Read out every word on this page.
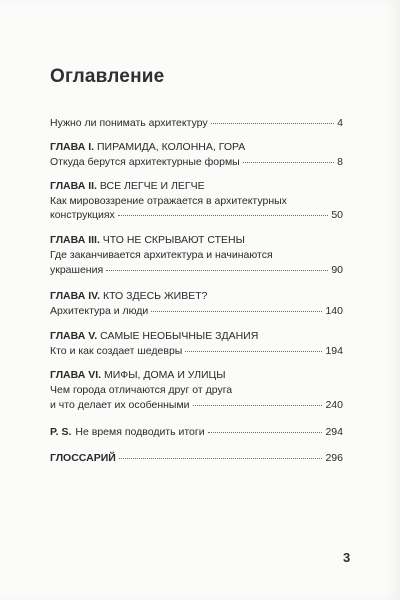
Оглавление
Нужно ли понимать архитектуру	4
ГЛАВА I. ПИРАМИДА, КОЛОННА, ГОРА
Откуда берутся архитектурные формы	8
ГЛАВА II. ВСЕ ЛЕГЧЕ И ЛЕГЧЕ
Как мировоззрение отражается в архитектурных
конструкциях	50
ГЛАВА III. ЧТО НЕ СКРЫВАЮТ СТЕНЫ
Где заканчивается архитектура и начинаются
украшения	90
ГЛАВА IV. КТО ЗДЕСЬ ЖИВЕТ?
Архитектура и люди	140
ГЛАВА V. САМЫЕ НЕОБЫЧНЫЕ ЗДАНИЯ
Кто и как создает шедевры	194
ГЛАВА VI. МИФЫ, ДОМА И УЛИЦЫ
Чем города отличаются друг от друга
и что делает их особенными	240
P. S. Не время подводить итоги	294
ГЛОССАРИЙ	296
3
